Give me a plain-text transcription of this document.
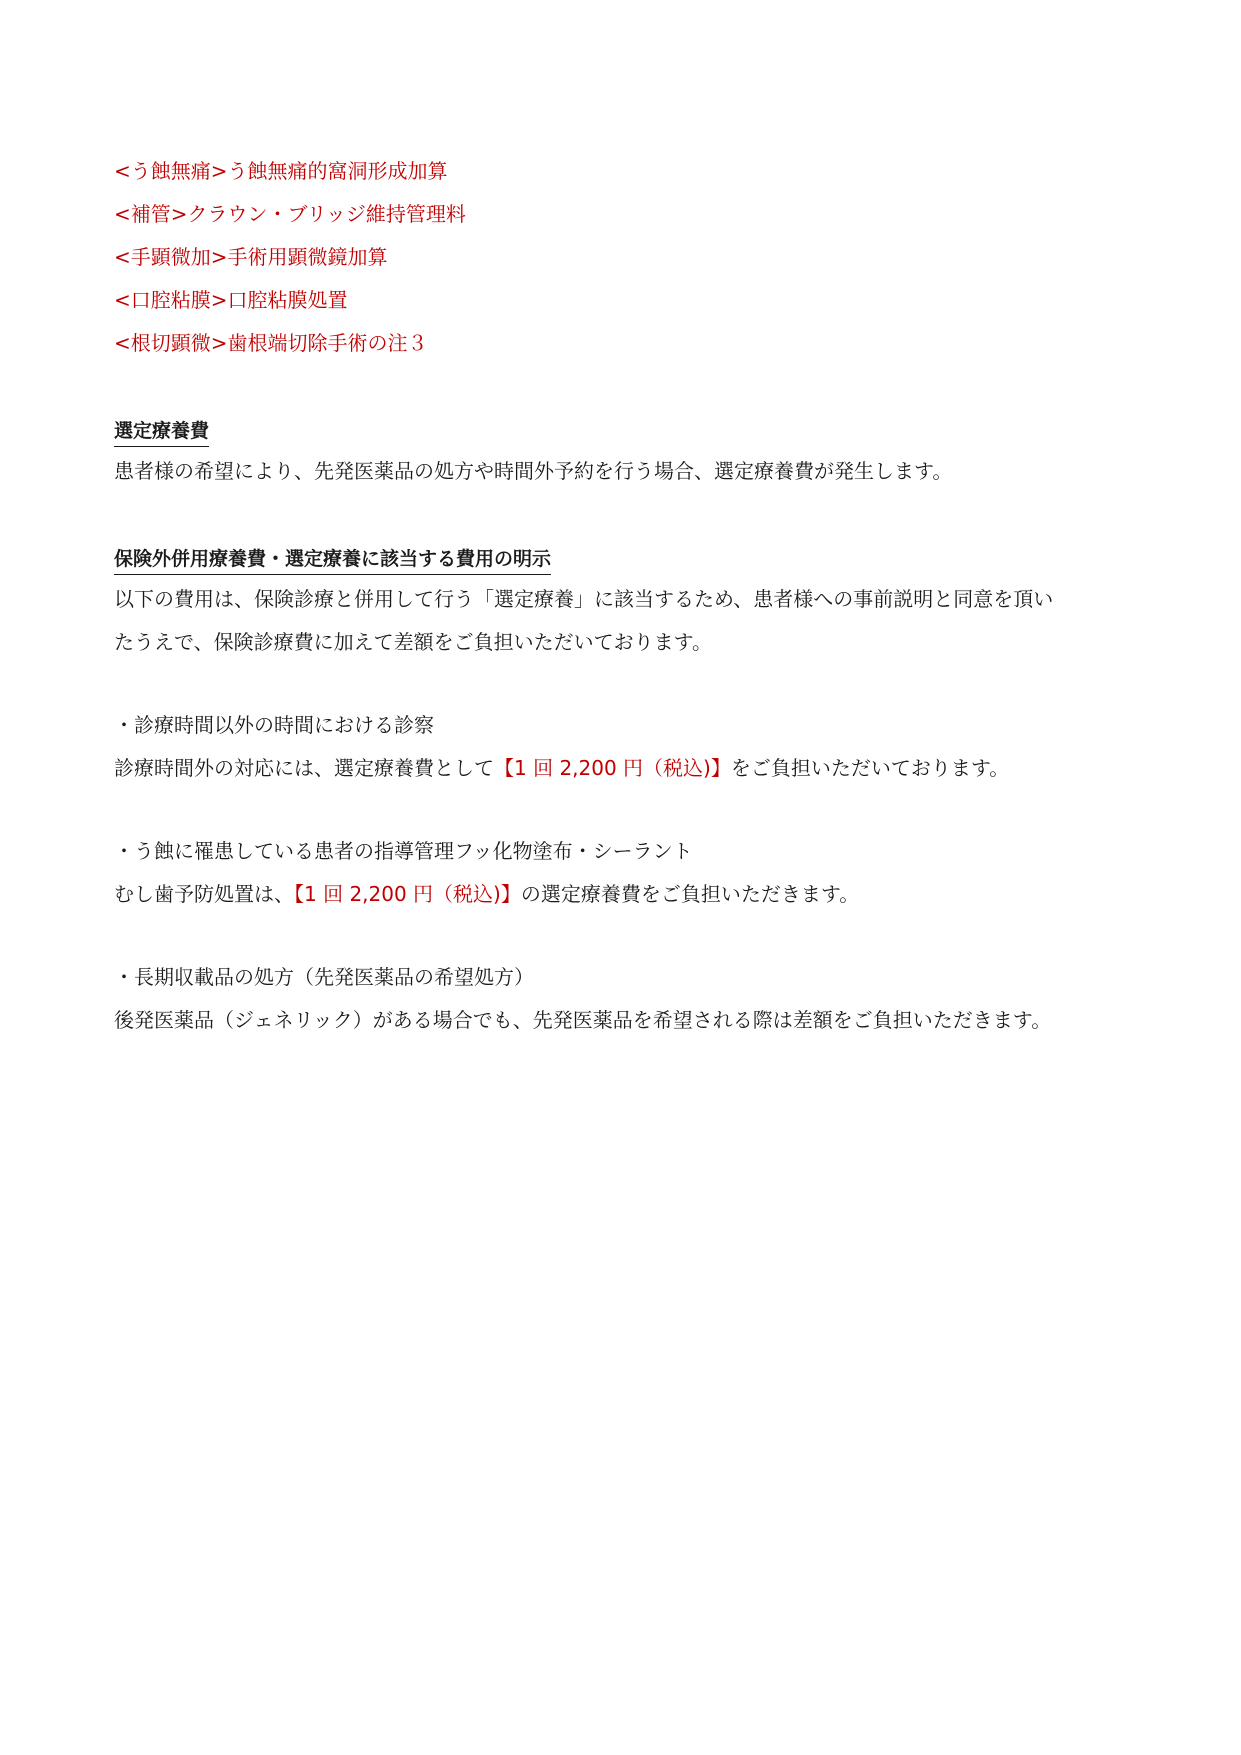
<う蝕無痛>う蝕無痛的窩洞形成加算
<補管>クラウン・ブリッジ維持管理料
<手顕微加>手術用顕微鏡加算
<口腔粘膜>口腔粘膜処置
<根切顕微>歯根端切除手術の注３
選定療養費
患者様の希望により、先発医薬品の処方や時間外予約を行う場合、選定療養費が発生します。
保険外併用療養費・選定療養に該当する費用の明示
以下の費用は、保険診療と併用して行う「選定療養」に該当するため、患者様への事前説明と同意を頂い
たうえで、保険診療費に加えて差額をご負担いただいております。
・診療時間以外の時間における診察
診療時間外の対応には、選定療養費として【1 回 2,200 円（税込)】をご負担いただいております。
・う蝕に罹患している患者の指導管理フッ化物塗布・シーラント
むし歯予防処置は、【1 回 2,200 円（税込)】の選定療養費をご負担いただきます。
・長期収載品の処方（先発医薬品の希望処方）
後発医薬品（ジェネリック）がある場合でも、先発医薬品を希望される際は差額をご負担いただきます。
